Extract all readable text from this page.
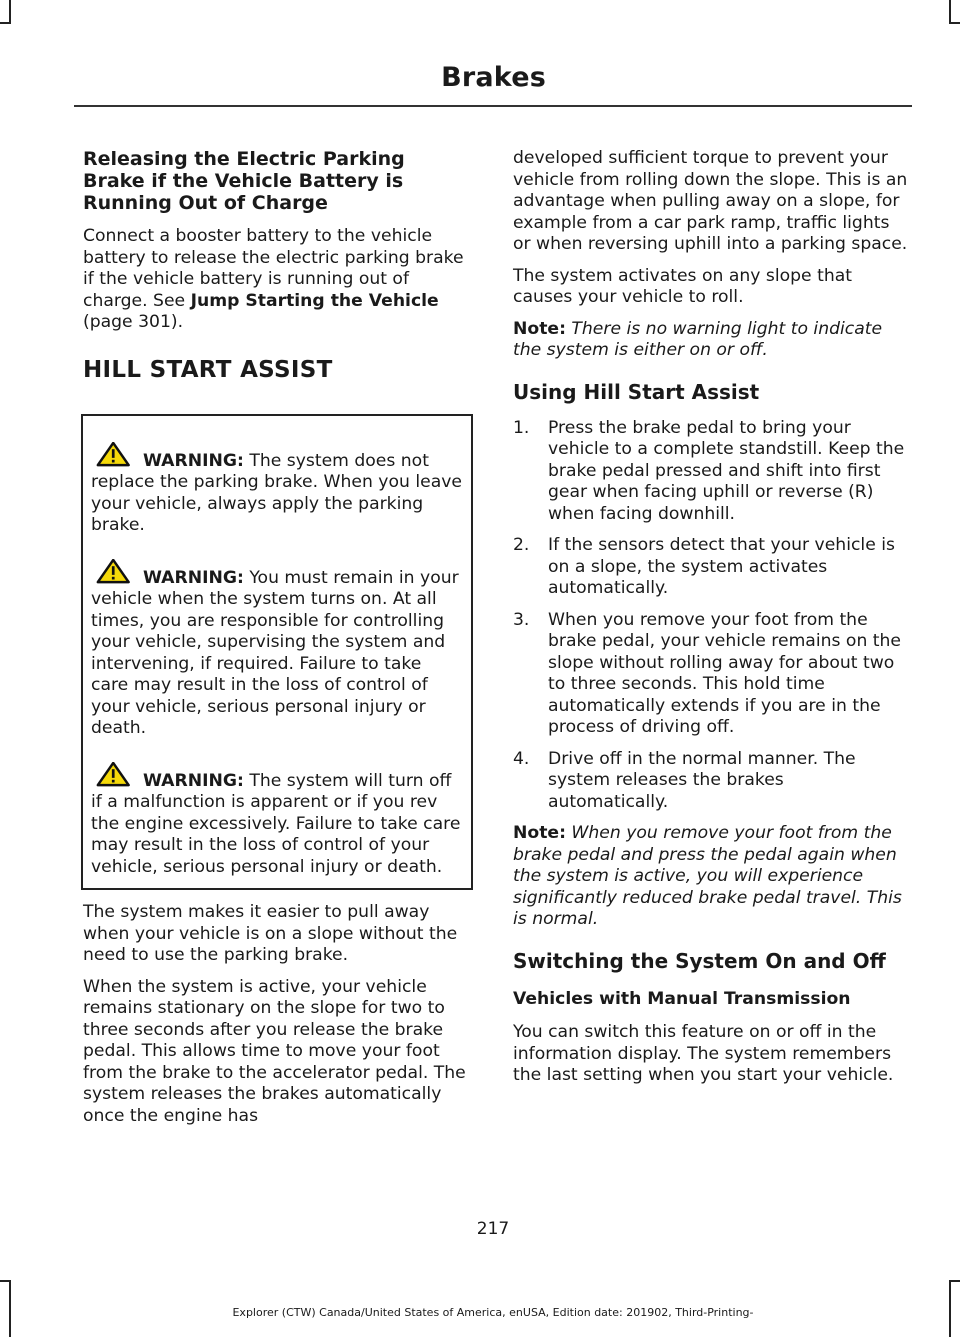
Brakes
Releasing the Electric Parking Brake if the Vehicle Battery is Running Out of Charge

Connect a booster battery to the vehicle battery to release the electric parking brake if the vehicle battery is running out of charge. See Jump Starting the Vehicle (page 301).

HILL START ASSIST

WARNING: The system does not replace the parking brake. When you leave your vehicle, always apply the parking brake.

WARNING: You must remain in your vehicle when the system turns on. At all times, you are responsible for controlling your vehicle, supervising the system and intervening, if required. Failure to take care may result in the loss of control of your vehicle, serious personal injury or death.

WARNING: The system will turn off if a malfunction is apparent or if you rev the engine excessively. Failure to take care may result in the loss of control of your vehicle, serious personal injury or death.

The system makes it easier to pull away when your vehicle is on a slope without the need to use the parking brake.

When the system is active, your vehicle remains stationary on the slope for two to three seconds after you release the brake pedal. This allows time to move your foot from the brake to the accelerator pedal. The system releases the brakes automatically once the engine has

developed sufficient torque to prevent your vehicle from rolling down the slope. This is an advantage when pulling away on a slope, for example from a car park ramp, traffic lights or when reversing uphill into a parking space.

The system activates on any slope that causes your vehicle to roll.

Note: There is no warning light to indicate the system is either on or off.

Using Hill Start Assist
1. Press the brake pedal to bring your vehicle to a complete standstill. Keep the brake pedal pressed and shift into first gear when facing uphill or reverse (R) when facing downhill.
2. If the sensors detect that your vehicle is on a slope, the system activates automatically.
3. When you remove your foot from the brake pedal, your vehicle remains on the slope without rolling away for about two to three seconds. This hold time automatically extends if you are in the process of driving off.
4. Drive off in the normal manner. The system releases the brakes automatically.

Note: When you remove your foot from the brake pedal and press the pedal again when the system is active, you will experience significantly reduced brake pedal travel. This is normal.

Switching the System On and Off
Vehicles with Manual Transmission

You can switch this feature on or off in the information display. The system remembers the last setting when you start your vehicle.

217
Explorer (CTW) Canada/United States of America, enUSA, Edition date: 201902, Third-Printing-
